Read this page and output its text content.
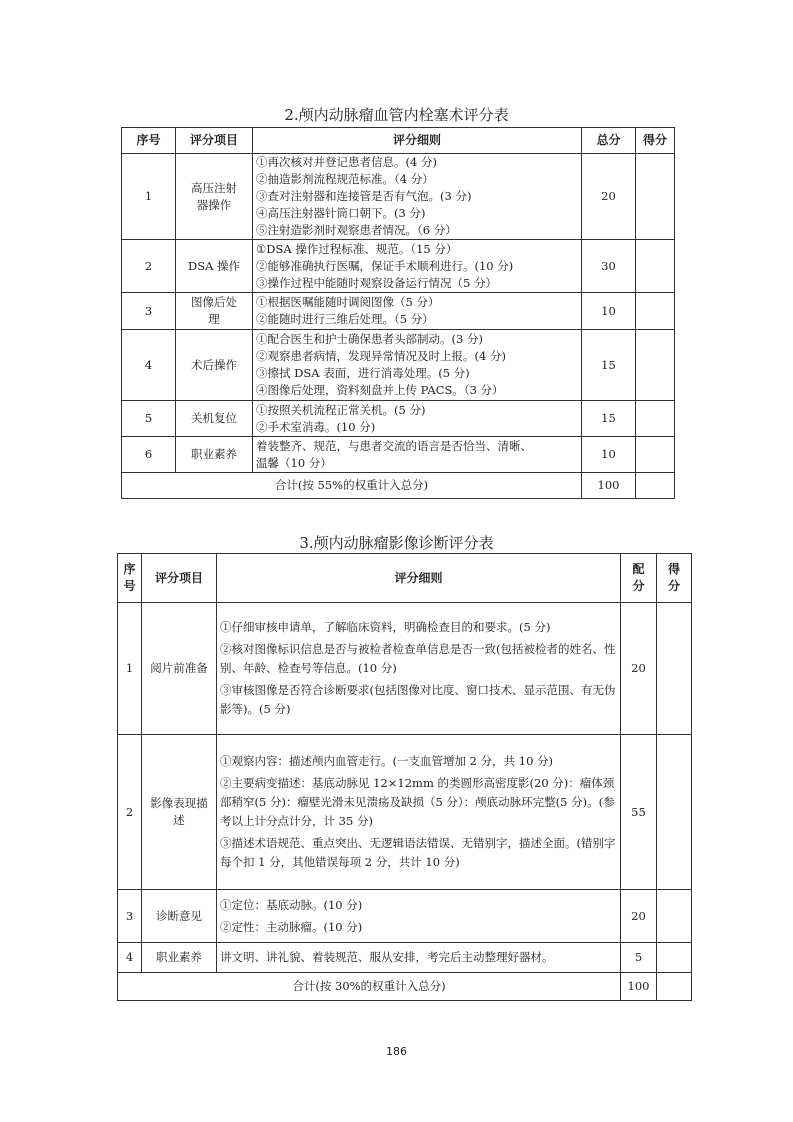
2.颅内动脉瘤血管内栓塞术评分表
序号	评分项目	评分细则	总分	得分
1	高压注射器操作	①再次核对并登记患者信息。(4 分)
②抽造影剂流程规范标准。（4 分）
③查对注射器和连接管是否有气泡。(3 分)
④高压注射器针筒口朝下。(3 分)
⑤注射造影剂时观察患者情况。（6 分）	20	
2	DSA 操作	①DSA 操作过程标准、规范。（15 分）
②能够准确执行医嘱，保证手术顺利进行。(10 分)
③操作过程中能随时观察设备运行情况（5 分）	30	
3	图像后处理	①根据医嘱能随时调阅图像（5 分）
②能随时进行三维后处理。（5 分）	10	
4	术后操作	①配合医生和护士确保患者头部制动。(3 分)
②观察患者病情，发现异常情况及时上报。(4 分)
③擦拭 DSA 表面，进行消毒处理。(5 分)
④图像后处理，资料刻盘并上传 PACS。（3 分）	15	
5	关机复位	①按照关机流程正常关机。(5 分)
②手术室消毒。(10 分)	15	
6	职业素养	着装整齐、规范，与患者交流的语言是否恰当、清晰、
温馨（10 分）	10	
合计(按 55%的权重计入总分)			100	
3.颅内动脉瘤影像诊断评分表
序号	评分项目	评分细则	配分	得分
1	阅片前准备	①仔细审核申请单，了解临床资料，明确检查目的和要求。(5 分)
②核对图像标识信息是否与被检者检查单信息是否一致(包括被检者的姓名、性别、年龄、检查号等信息。(10 分)
③审核图像是否符合诊断要求(包括图像对比度、窗口技术、显示范围、有无伪影等)。(5 分)	20	
2	影像表现描述	①观察内容：描述颅内血管走行。(一支血管增加 2 分，共 10 分)
②主要病变描述：基底动脉见 12×12mm 的类圆形高密度影(20 分)：瘤体颈部稍窄(5 分)：瘤壁光滑未见溃疡及缺损（5 分）：颅底动脉环完整(5 分)。(参考以上计分点计分，计 35 分)
③描述术语规范、重点突出、无逻辑语法错误、无错别字，描述全面。(错别字每个扣 1 分，其他错误每项 2 分，共计 10 分)	55	
3	诊断意见	①定位：基底动脉。(10 分)
②定性：主动脉瘤。(10 分)	20	
4	职业素养	讲文明、讲礼貌、着装规范、服从安排，考完后主动整理好器材。	5	
合计(按 30%的权重计入总分)			100	
186
